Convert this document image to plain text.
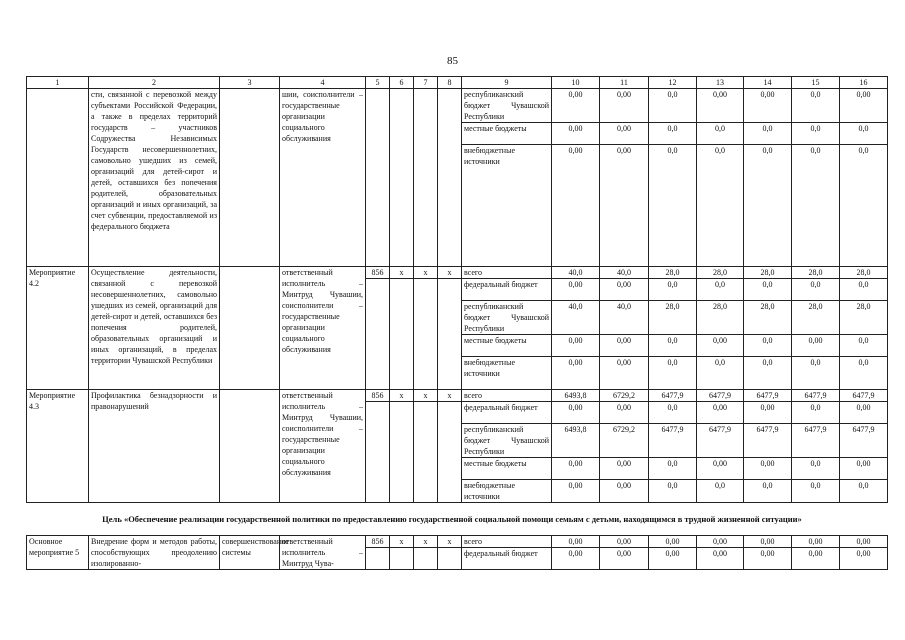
85
1	2	3	4	5	6	7	8	9	10	11	12	13	14	15	16
	сти, связанной с перевозкой между субъектами Российской Федерации, а также в пределах территорий государств – участников Содружества Независимых Государств несовершеннолетних, самовольно ушедших из семей, организаций для детей-сирот и детей, оставшихся без попечения родителей, образовательных организаций и иных организаций, за счет субвенции, предоставляемой из федерального бюджета		шии, соисполнители – государственные организации социального обслуживания					республиканский бюджет Чувашской Республики	0,00	0,00	0,0	0,00	0,00	0,0	0,00
								местные бюджеты	0,00	0,00	0,0	0,0	0,0	0,0	0,0
								внебюджетные источники	0,00	0,00	0,0	0,0	0,0	0,0	0,0
Мероприятие 4.2	Осуществление деятельности, связанной с перевозкой несовершеннолетних, самовольно ушедших из семей, организаций для детей-сирот и детей, оставшихся без попечения родителей, образовательных организаций и иных организаций, в пределах территории Чувашской Республики		ответственный исполнитель – Минтруд Чувашии, соисполнители – государственные организации социального обслуживания	856	x	x	x	всего	40,0	40,0	28,0	28,0	28,0	28,0	28,0
								федеральный бюджет	0,00	0,00	0,0	0,0	0,0	0,0	0,0
								республиканский бюджет Чувашской Республики	40,0	40,0	28,0	28,0	28,0	28,0	28,0
								местные бюджеты	0,00	0,00	0,0	0,00	0,0	0,00	0,0
								внебюджетные источники	0,00	0,00	0,0	0,0	0,0	0,0	0,0
Мероприятие 4.3	Профилактика безнадзорности и правонарушений		ответственный исполнитель – Минтруд Чувашии, соисполнители – государственные организации социального обслуживания	856	x	x	x	всего	6493,8	6729,2	6477,9	6477,9	6477,9	6477,9	6477,9
								федеральный бюджет	0,00	0,00	0,0	0,00	0,00	0,0	0,00
								республиканский бюджет Чувашской Республики	6493,8	6729,2	6477,9	6477,9	6477,9	6477,9	6477,9
								местные бюджеты	0,00	0,00	0,0	0,00	0,00	0,0	0,00
								внебюджетные источники	0,00	0,00	0,0	0,0	0,0	0,0	0,0
Цель «Обеспечение реализации государственной политики по предоставлению государственной социальной помощи семьям с детьми, находящимся в трудной жизненной ситуации»
Основное мероприятие 5	Внедрение форм и методов работы, способствующих преодолению изолированно-	совершенствование системы	ответственный исполнитель – Минтруд Чува-	856	x	x	x	всего	0,00	0,00	0,00	0,00	0,00	0,00	0,00
								федеральный бюджет	0,00	0,00	0,00	0,00	0,00	0,00	0,00
